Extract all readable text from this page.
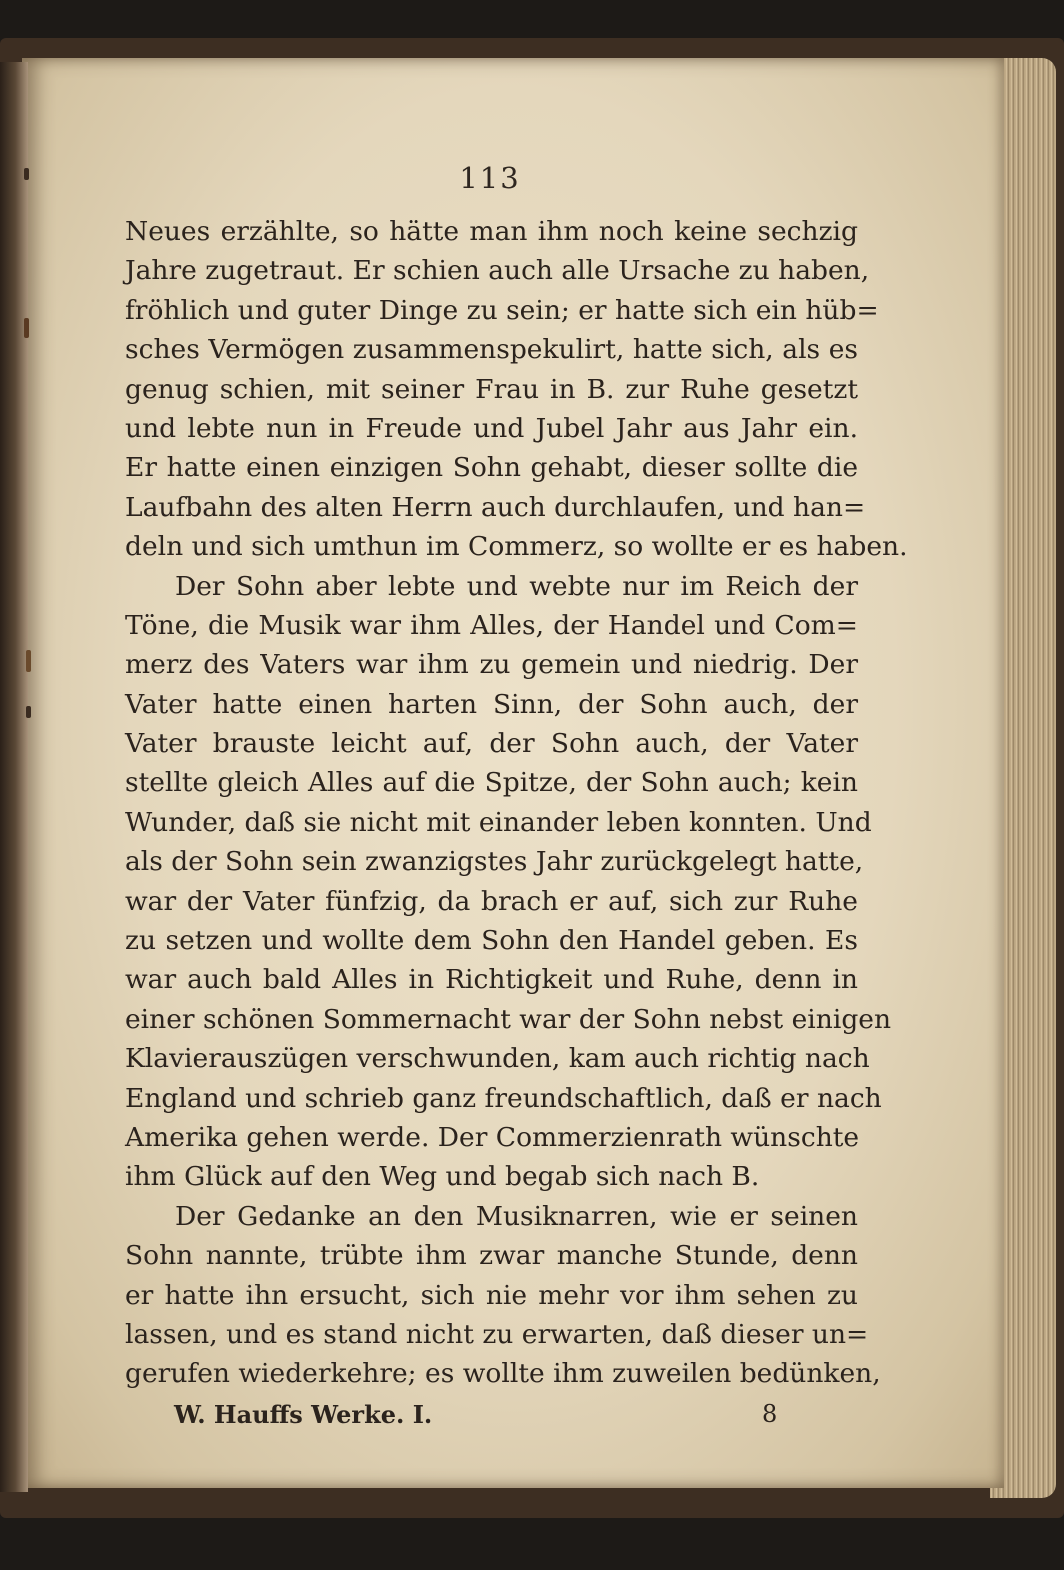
113
Neues erzählte, so hätte man ihm noch keine sechzig
Jahre zugetraut. Er schien auch alle Ursache zu haben,
fröhlich und guter Dinge zu sein; er hatte sich ein hüb=
sches Vermögen zusammenspekulirt, hatte sich, als es
genug schien, mit seiner Frau in B. zur Ruhe gesetzt
und lebte nun in Freude und Jubel Jahr aus Jahr ein.
Er hatte einen einzigen Sohn gehabt, dieser sollte die
Laufbahn des alten Herrn auch durchlaufen, und han=
deln und sich umthun im Commerz, so wollte er es haben.
Der Sohn aber lebte und webte nur im Reich der
Töne, die Musik war ihm Alles, der Handel und Com=
merz des Vaters war ihm zu gemein und niedrig. Der
Vater hatte einen harten Sinn, der Sohn auch, der
Vater brauste leicht auf, der Sohn auch, der Vater
stellte gleich Alles auf die Spitze, der Sohn auch; kein
Wunder, daß sie nicht mit einander leben konnten. Und
als der Sohn sein zwanzigstes Jahr zurückgelegt hatte,
war der Vater fünfzig, da brach er auf, sich zur Ruhe
zu setzen und wollte dem Sohn den Handel geben. Es
war auch bald Alles in Richtigkeit und Ruhe, denn in
einer schönen Sommernacht war der Sohn nebst einigen
Klavierauszügen verschwunden, kam auch richtig nach
England und schrieb ganz freundschaftlich, daß er nach
Amerika gehen werde. Der Commerzienrath wünschte
ihm Glück auf den Weg und begab sich nach B.
Der Gedanke an den Musiknarren, wie er seinen
Sohn nannte, trübte ihm zwar manche Stunde, denn
er hatte ihn ersucht, sich nie mehr vor ihm sehen zu
lassen, und es stand nicht zu erwarten, daß dieser un=
gerufen wiederkehre; es wollte ihm zuweilen bedünken,
W. Hauffs Werke. I.	8
